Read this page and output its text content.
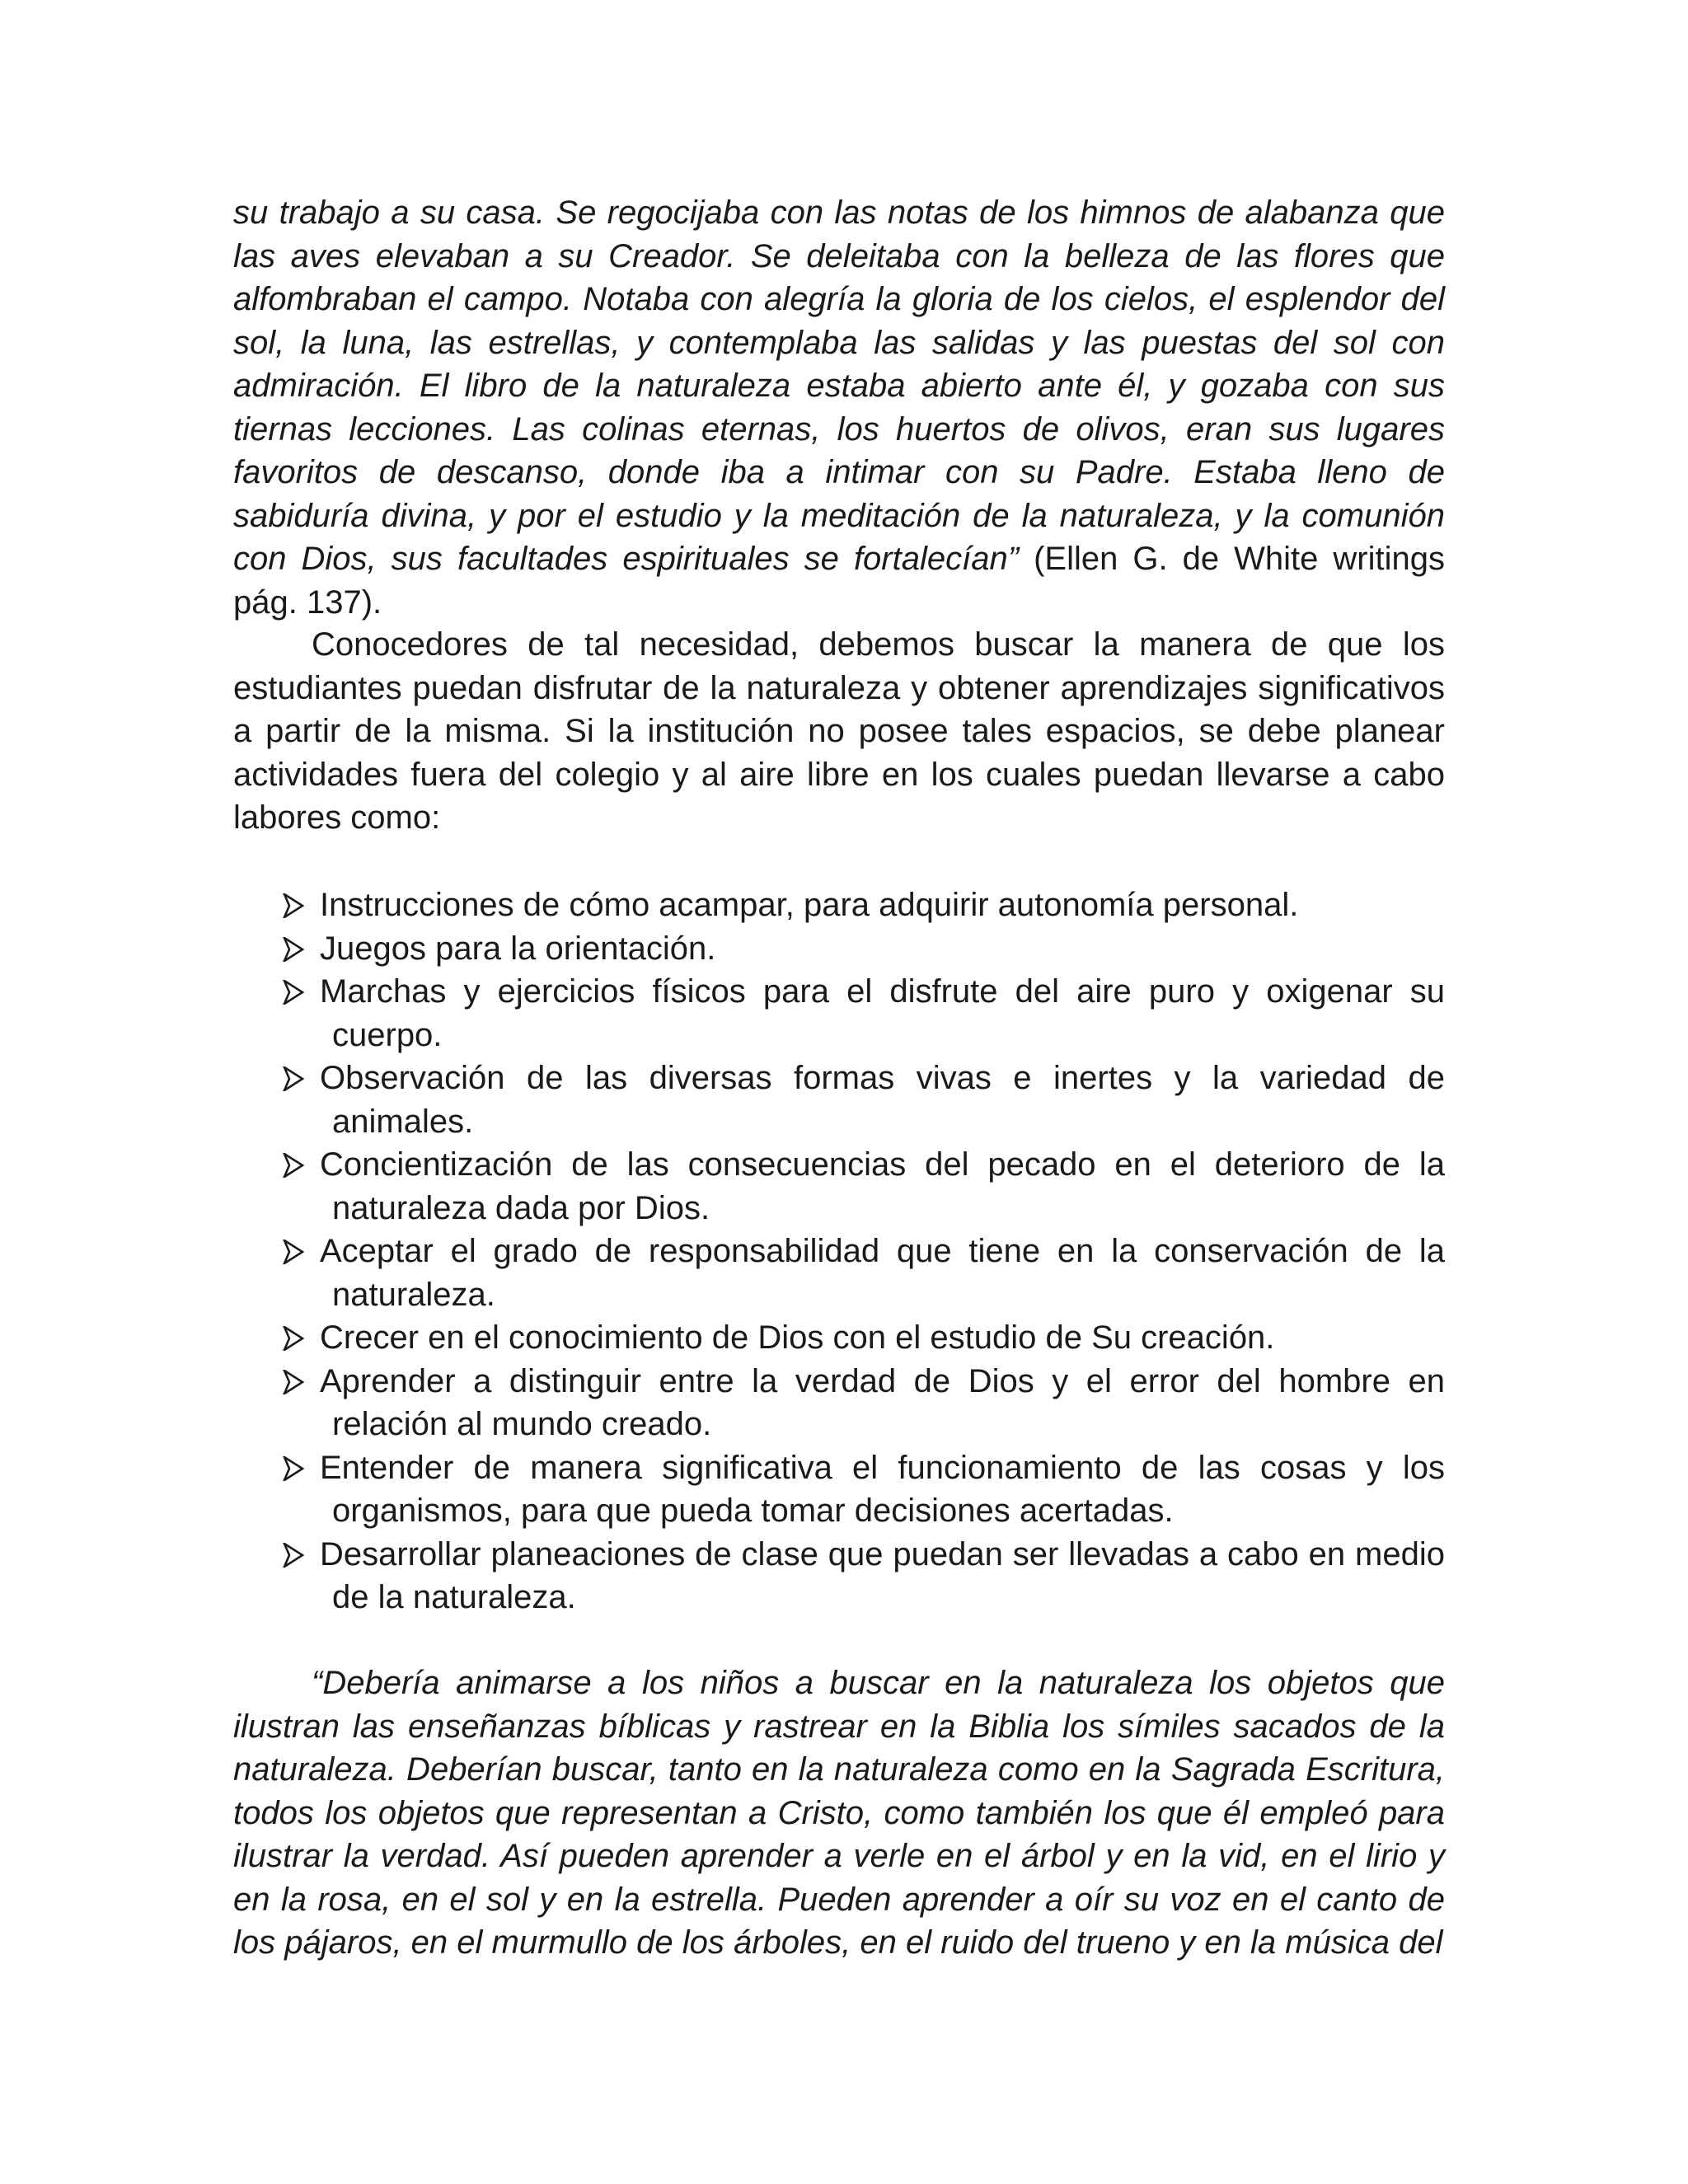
su trabajo a su casa. Se regocijaba con las notas de los himnos de alabanza que las aves elevaban a su Creador. Se deleitaba con la belleza de las flores que alfombraban el campo. Notaba con alegría la gloria de los cielos, el esplendor del sol, la luna, las estrellas, y contemplaba las salidas y las puestas del sol con admiración. El libro de la naturaleza estaba abierto ante él, y gozaba con sus tiernas lecciones. Las colinas eternas, los huertos de olivos, eran sus lugares favoritos de descanso, donde iba a intimar con su Padre. Estaba lleno de sabiduría divina, y por el estudio y la meditación de la naturaleza, y la comunión con Dios, sus facultades espirituales se fortalecían” (Ellen G. de White writings pág. 137).

Conocedores de tal necesidad, debemos buscar la manera de que los estudiantes puedan disfrutar de la naturaleza y obtener aprendizajes significativos a partir de la misma. Si la institución no posee tales espacios, se debe planear actividades fuera del colegio y al aire libre en los cuales puedan llevarse a cabo labores como:

Instrucciones de cómo acampar, para adquirir autonomía personal.
Juegos para la orientación.
Marchas y ejercicios físicos para el disfrute del aire puro y oxigenar su
cuerpo.
Observación de las diversas formas vivas e inertes y la variedad de
animales.
Concientización de las consecuencias del pecado en el deterioro de la
naturaleza dada por Dios.
Aceptar el grado de responsabilidad que tiene en la conservación de la
naturaleza.
Crecer en el conocimiento de Dios con el estudio de Su creación.
Aprender a distinguir entre la verdad de Dios y el error del hombre en
relación al mundo creado.
Entender de manera significativa el funcionamiento de las cosas y los
organismos, para que pueda tomar decisiones acertadas.
Desarrollar planeaciones de clase que puedan ser llevadas a cabo en medio
de la naturaleza.

“Debería animarse a los niños a buscar en la naturaleza los objetos que ilustran las enseñanzas bíblicas y rastrear en la Biblia los símiles sacados de la naturaleza. Deberían buscar, tanto en la naturaleza como en la Sagrada Escritura, todos los objetos que representan a Cristo, como también los que él empleó para ilustrar la verdad. Así pueden aprender a verle en el árbol y en la vid, en el lirio y en la rosa, en el sol y en la estrella. Pueden aprender a oír su voz en el canto de los pájaros, en el murmullo de los árboles, en el ruido del trueno y en la música del
